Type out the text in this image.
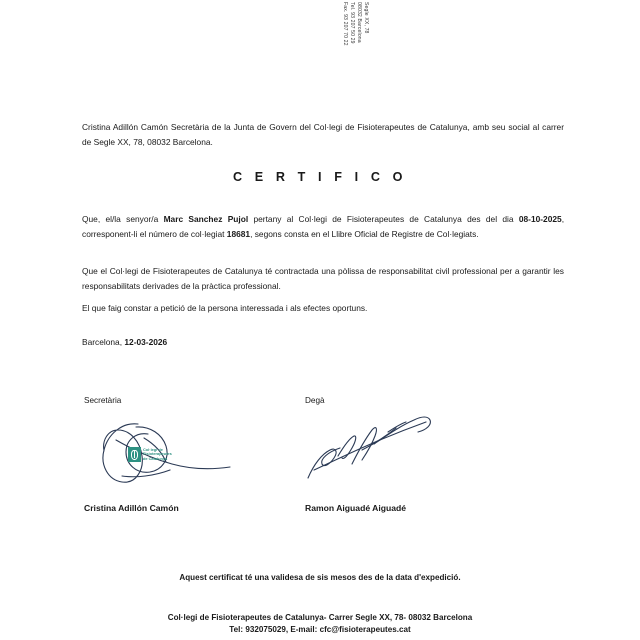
Segle XX, 78
08032 Barcelona
Tel. 93 207 50 29
Fax. 93 207 70 22
Cristina Adillón Camón Secretària de la Junta de Govern del Col·legi de Fisioterapeutes de Catalunya, amb seu social al carrer de Segle XX, 78, 08032 Barcelona.
C E R T I F I C O
Que, el/la senyor/a Marc Sanchez Pujol pertany al Col·legi de Fisioterapeutes de Catalunya des del dia 08-10-2025, corresponent-li el número de col·legiat 18681, segons consta en el Llibre Oficial de Registre de Col·legiats.
Que el Col·legi de Fisioterapeutes de Catalunya té contractada una pòlissa de responsabilitat civil professional per a garantir les responsabilitats derivades de la pràctica professional.
El que faig constar a petició de la persona interessada i als efectes oportuns.
Barcelona, 12-03-2026
Secretària	Degà
Col·legi de
Fisioterapeutes
de Catalunya
Cristina Adillón Camón	Ramon Aiguadé Aiguadé
Aquest certificat té una validesa de sis mesos des de la data d'expedició.
Col·legi de Fisioterapeutes de Catalunya- Carrer Segle XX, 78- 08032 Barcelona
Tel: 932075029, E-mail: cfc@fisioterapeutes.cat
